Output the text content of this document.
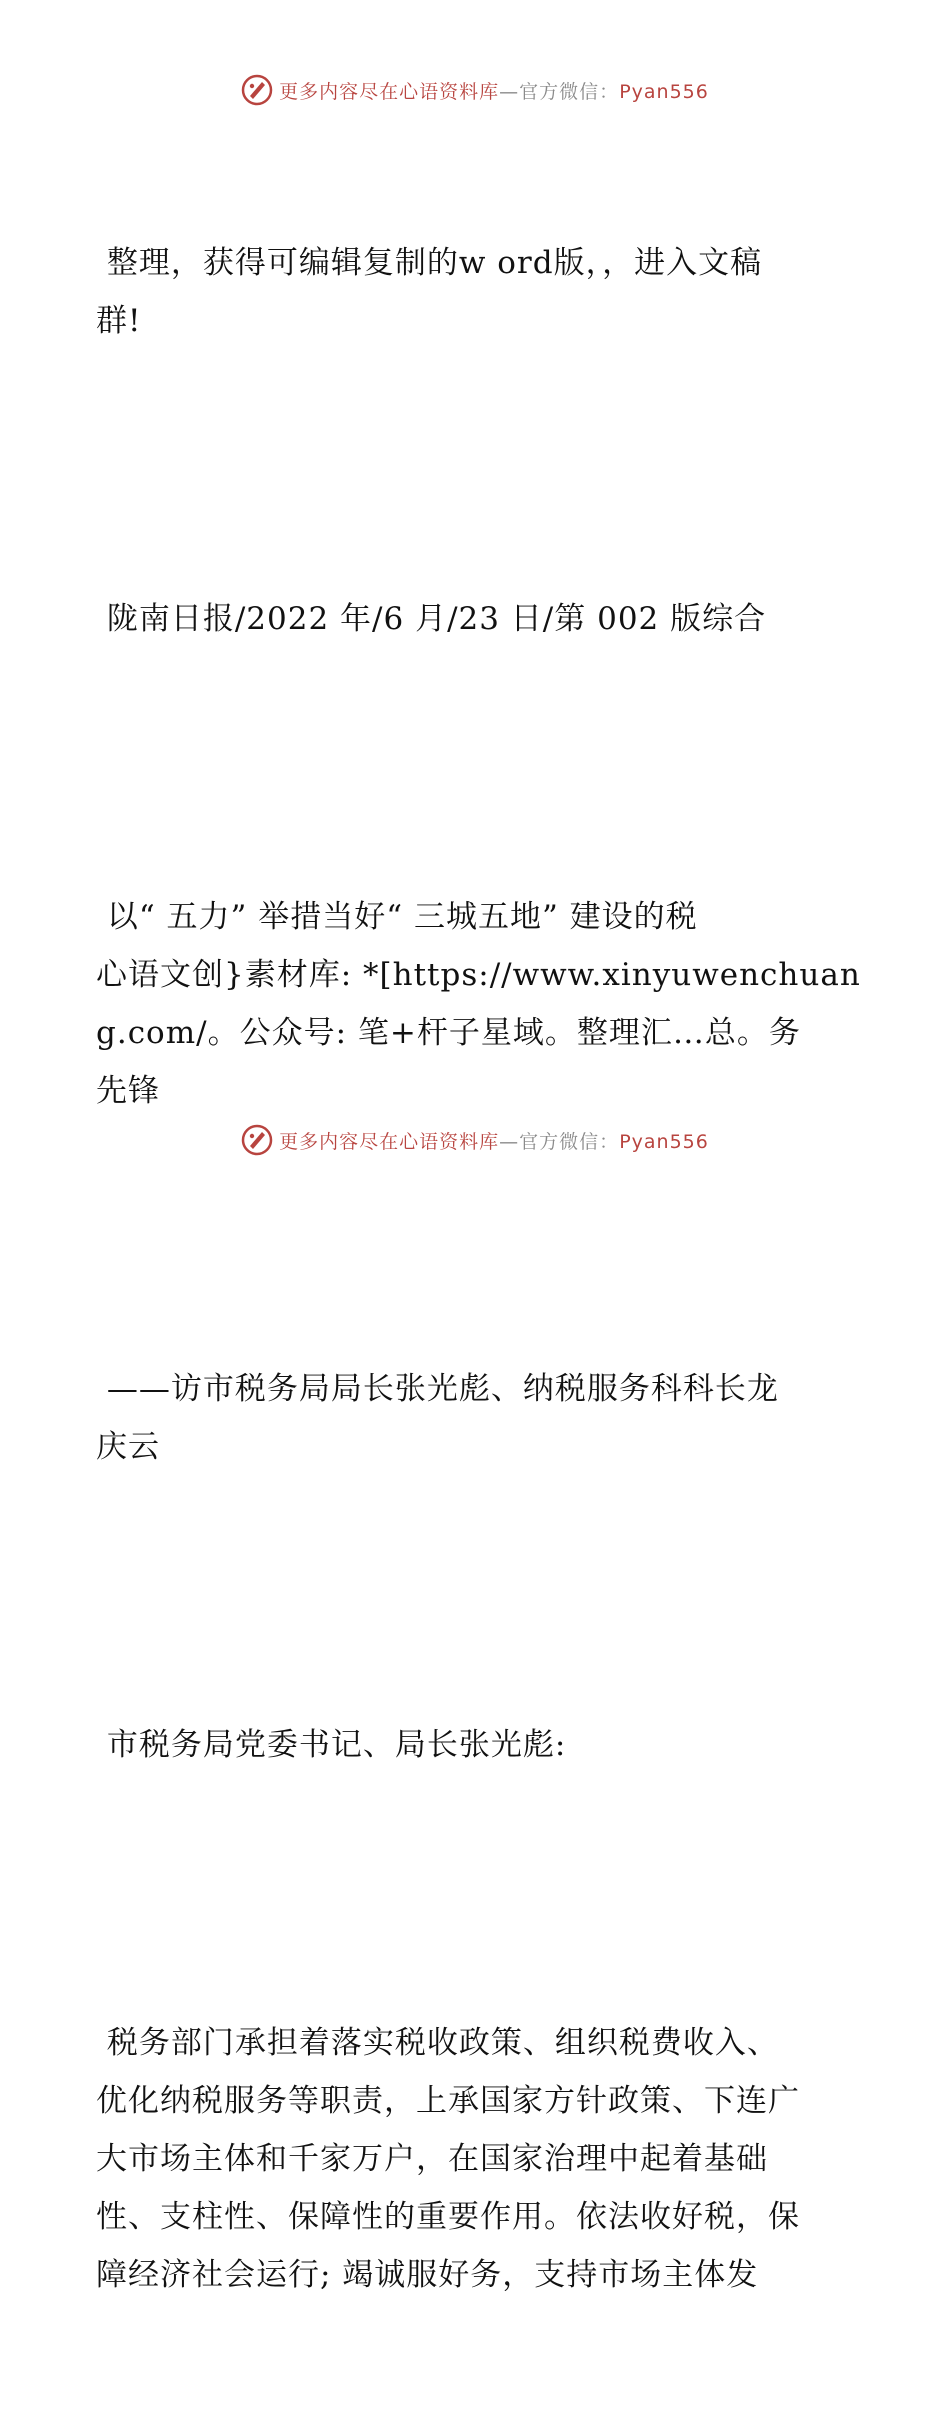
更多内容尽在心语资料库—官方微信：Pyan556

整理，获得可编辑复制的w ord版，，进入文稿
群!

陇南日报/2022 年/6 月/23 日/第 002 版综合

以“ 五力” 举措当好“ 三城五地” 建设的税
心语文创}素材库: *[https://www.xinyuwenchuan
g.com/。公众号: 笔+杆子星域。整理汇…总。务
先锋

——访市税务局局长张光彪、纳税服务科科长龙
庆云

市税务局党委书记、局长张光彪:

税务部门承担着落实税收政策、组织税费收入、
优化纳税服务等职责，上承国家方针政策、下连广
大市场主体和千家万户，在国家治理中起着基础
性、支柱性、保障性的重要作用。依法收好税，保
障经济社会运行; 竭诚服好务，支持市场主体发

更多内容尽在心语资料库—官方微信：Pyan556
